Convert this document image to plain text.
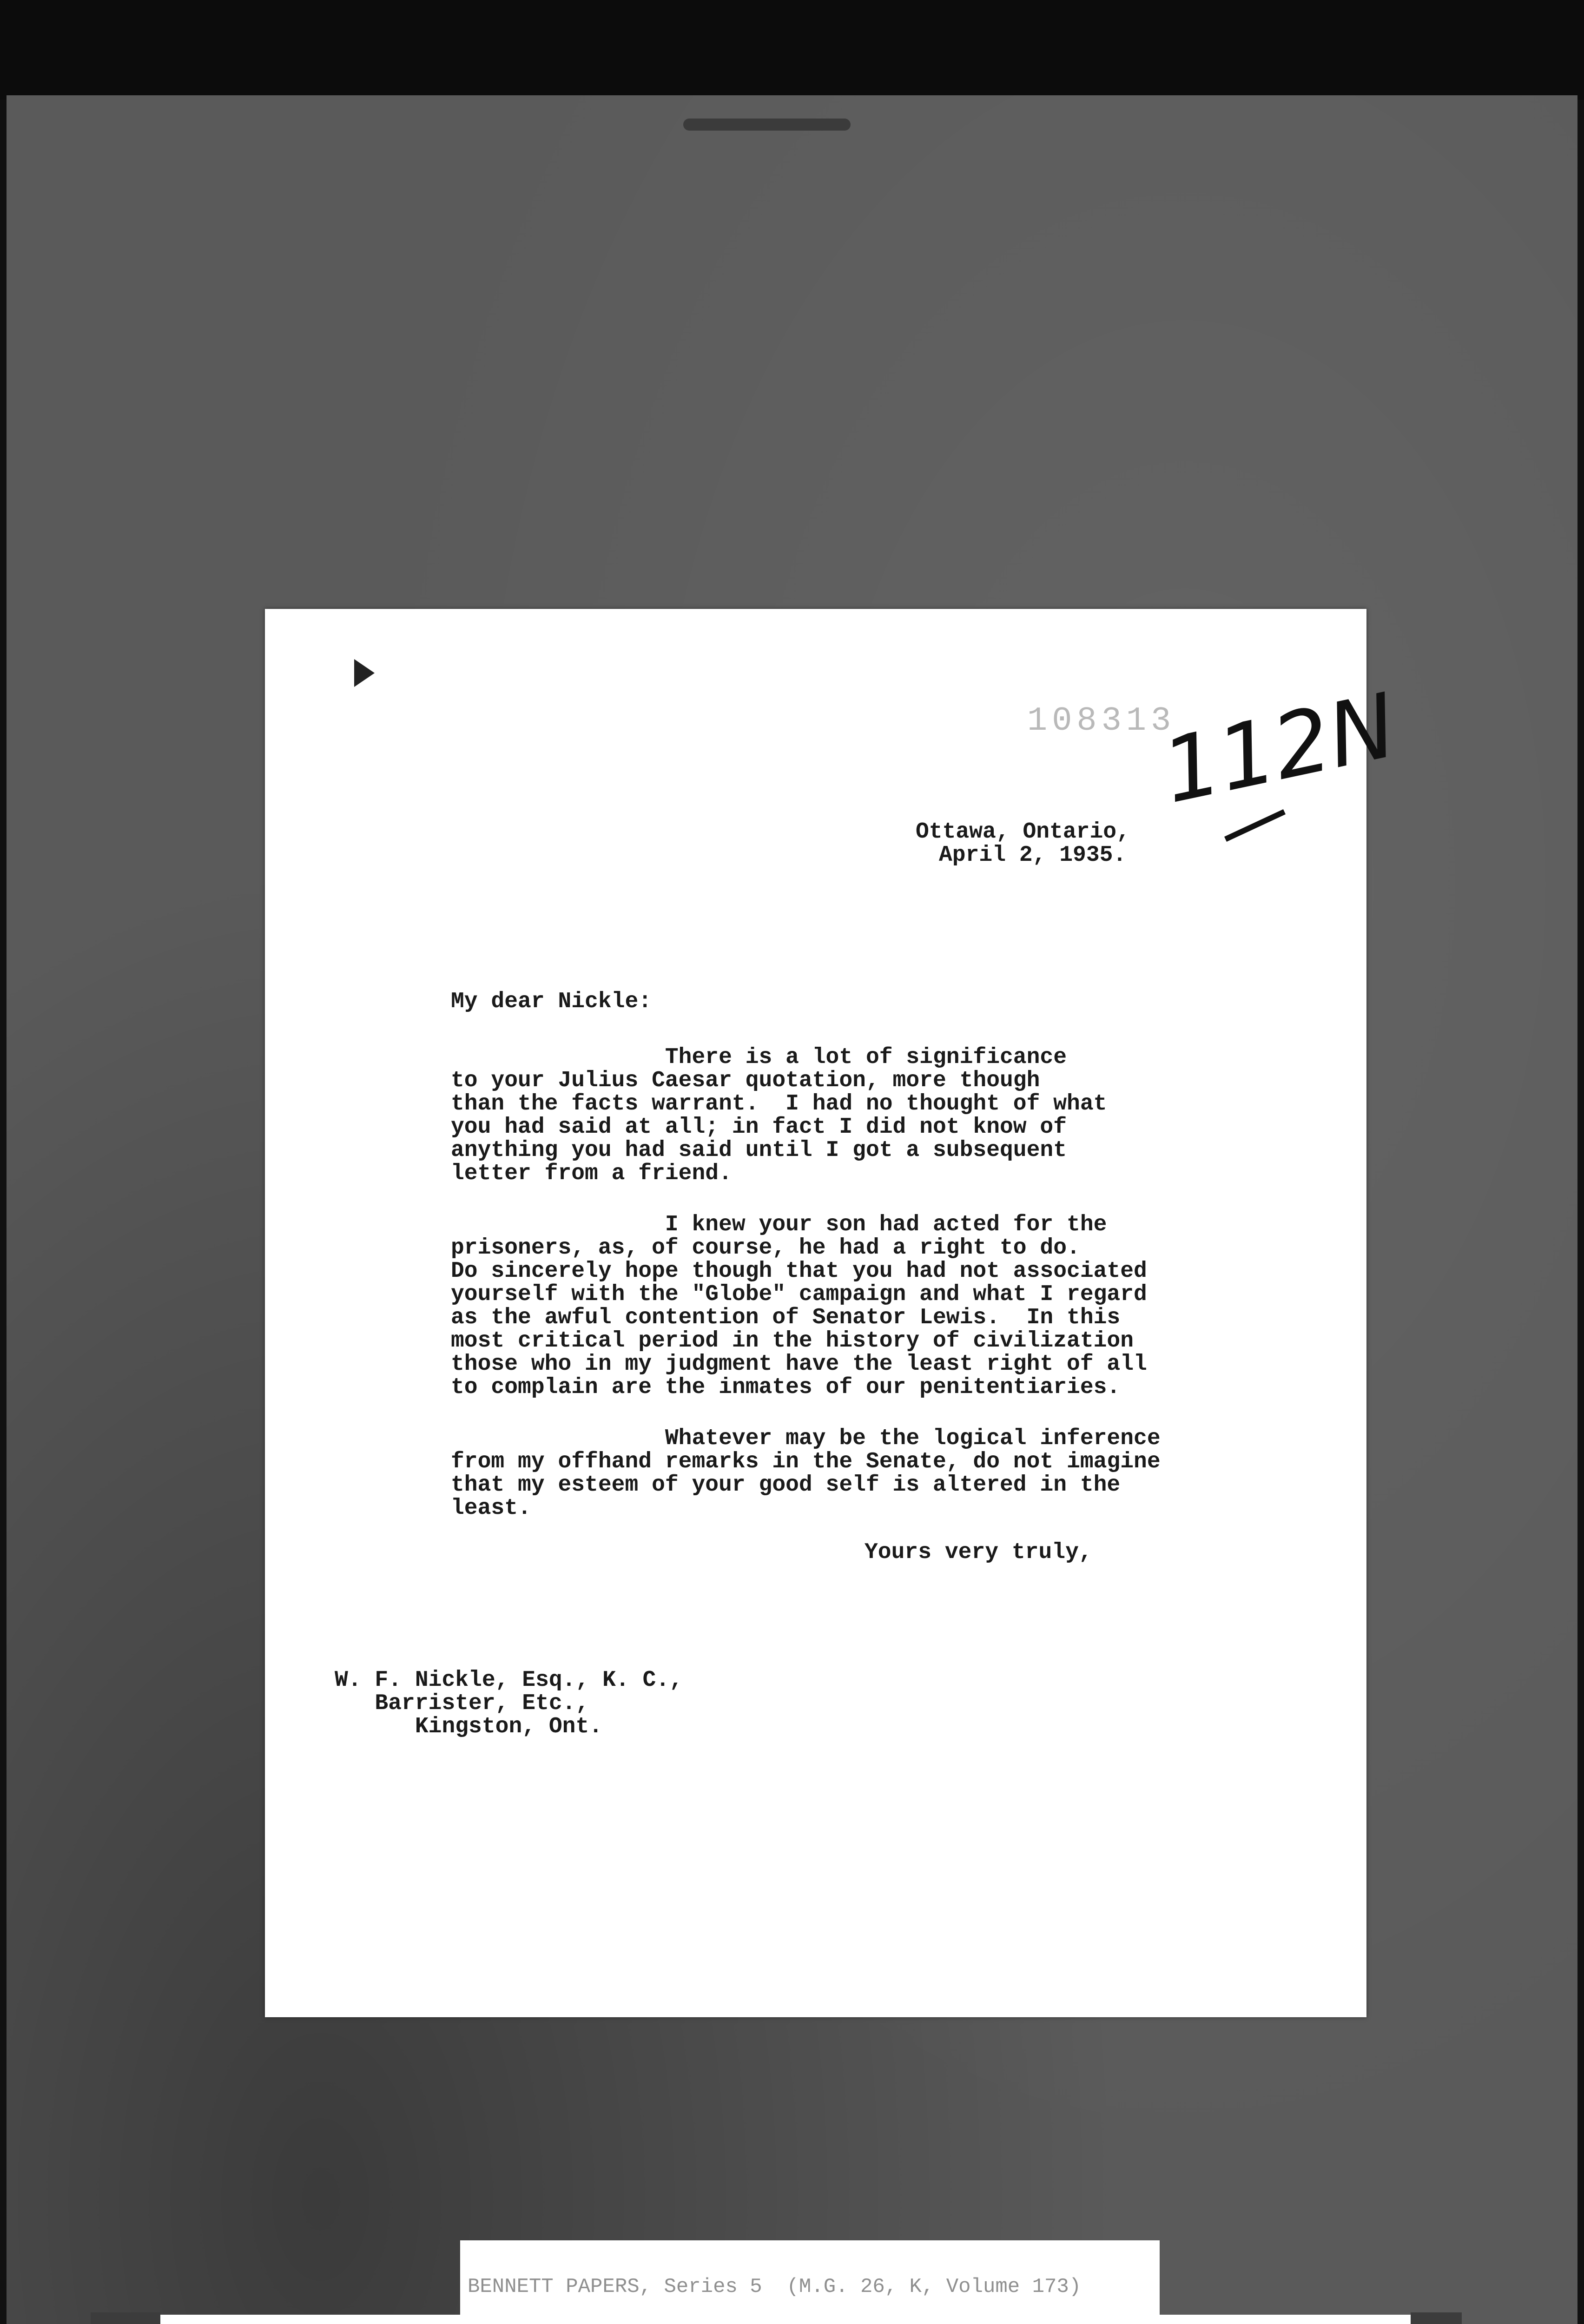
108313
112N
Ottawa, Ontario,
April 2, 1935.
My dear Nickle:
There is a lot of significance
to your Julius Caesar quotation, more though
than the facts warrant.  I had no thought of what
you had said at all; in fact I did not know of
anything you had said until I got a subsequent
letter from a friend.
I knew your son had acted for the
prisoners, as, of course, he had a right to do.
Do sincerely hope though that you had not associated
yourself with the "Globe" campaign and what I regard
as the awful contention of Senator Lewis.  In this
most critical period in the history of civilization
those who in my judgment have the least right of all
to complain are the inmates of our penitentiaries.
Whatever may be the logical inference
from my offhand remarks in the Senate, do not imagine
that my esteem of your good self is altered in the
least.
Yours very truly,
W. F. Nickle, Esq., K. C.,
Barrister, Etc.,
Kingston, Ont.
BENNETT PAPERS, Series 5  (M.G. 26, K, Volume 173)
